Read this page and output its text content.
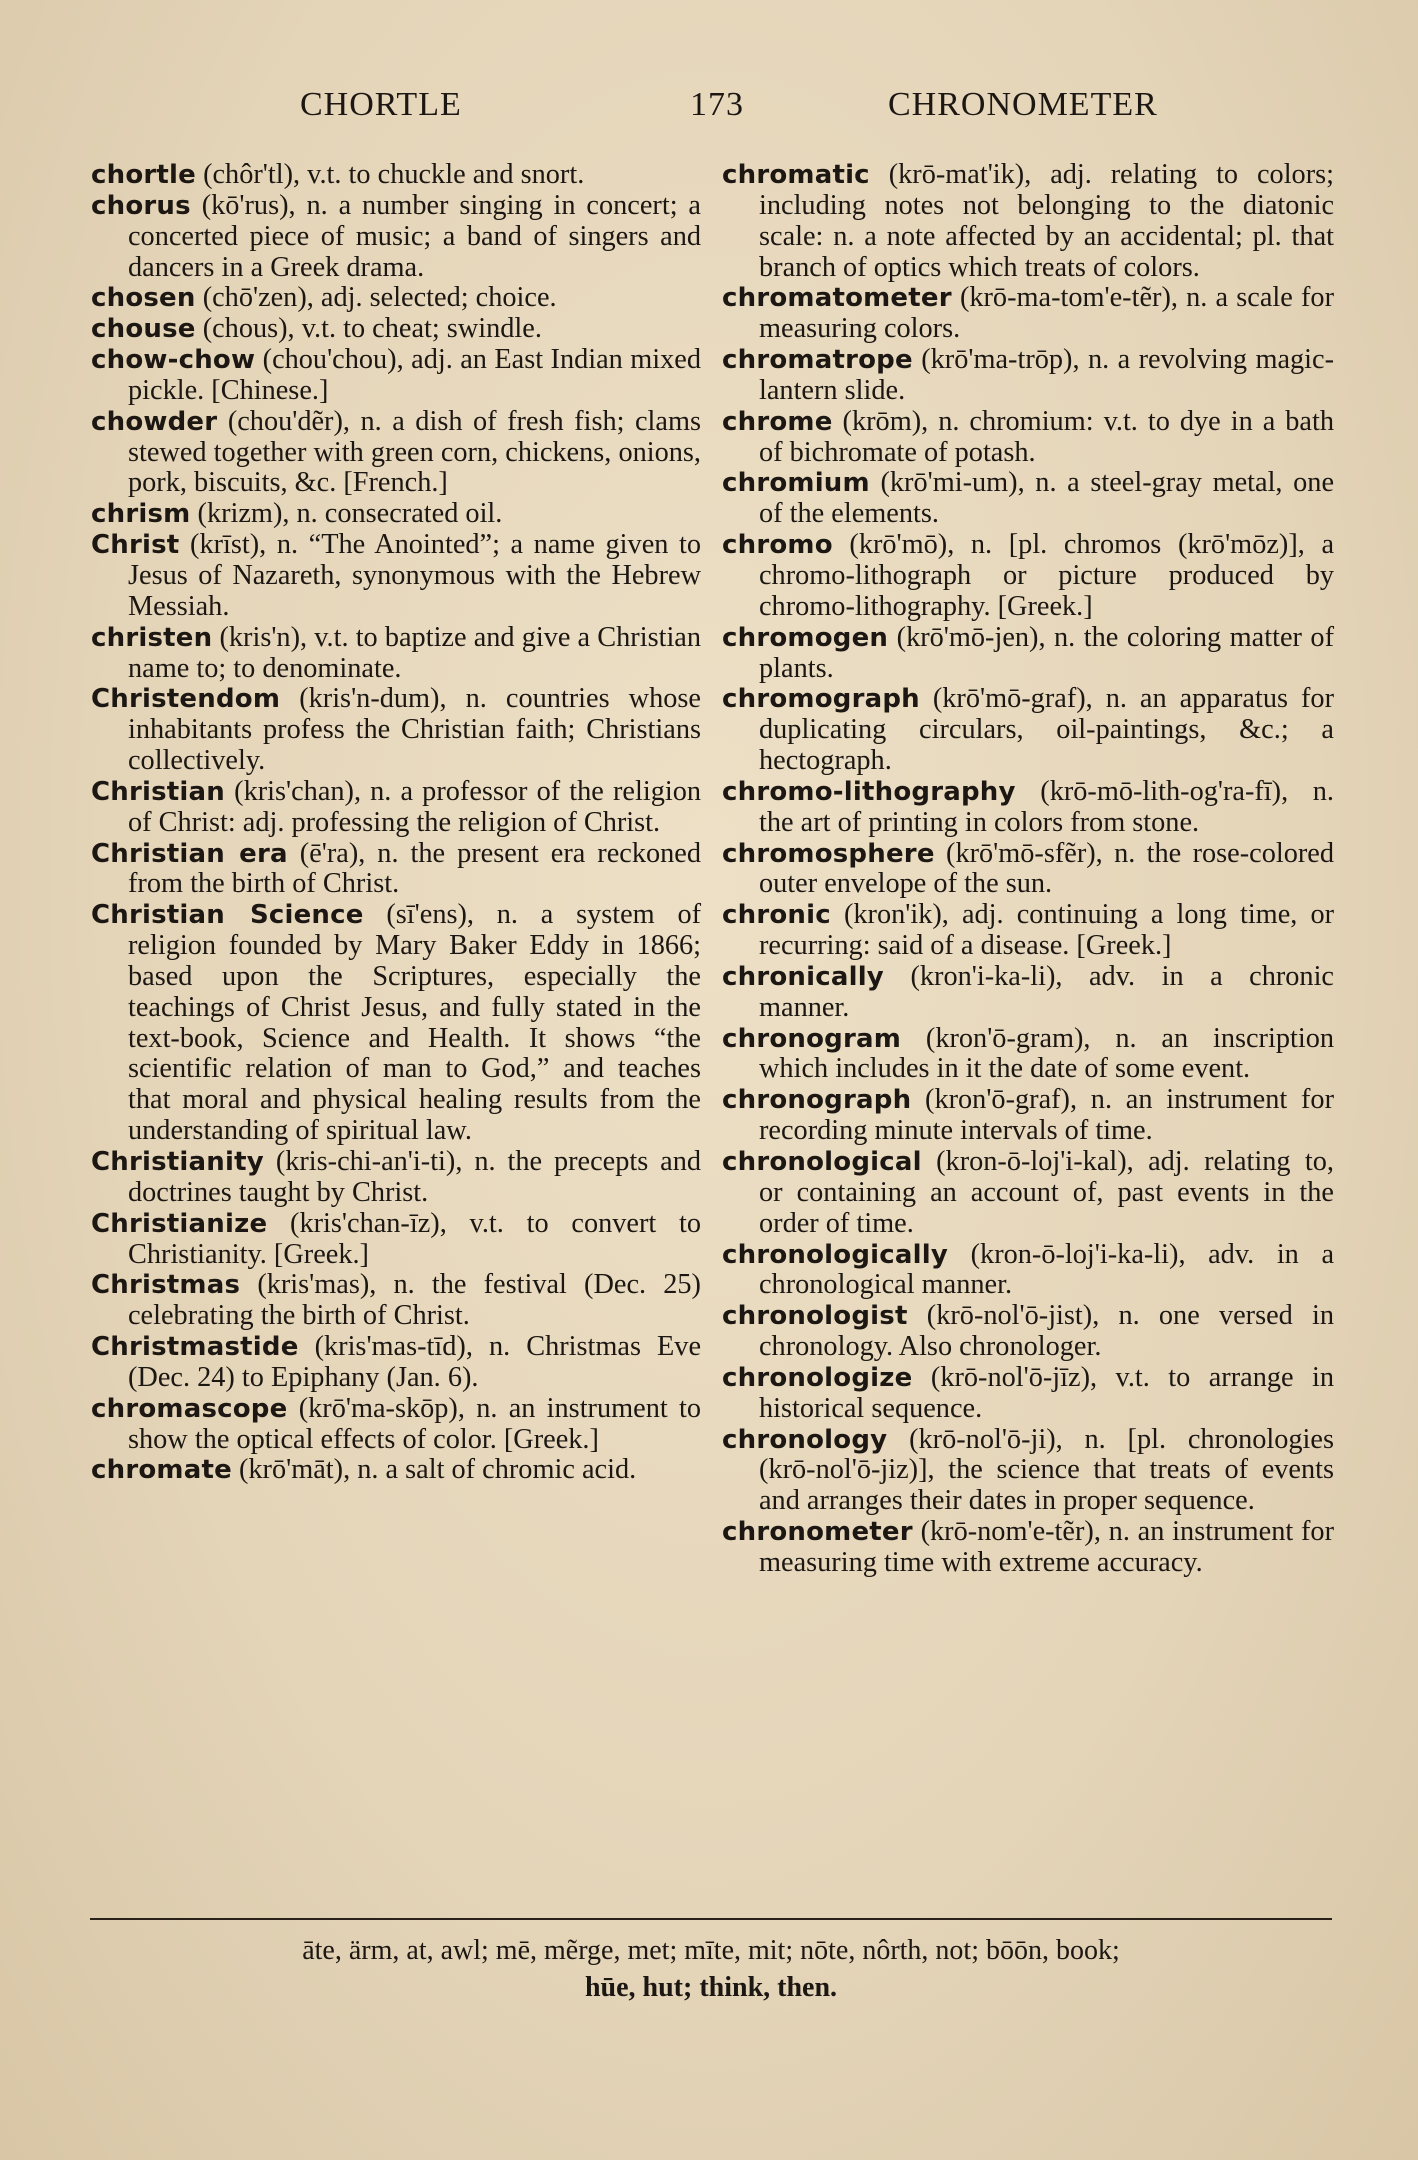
CHORTLE	173	CHRONOMETER

chortle (chôr'tl), v.t. to chuckle and snort.

chorus (kō'rus), n. a number singing in concert; a concerted piece of music; a band of singers and dancers in a Greek drama.

chosen (chō'zen), adj. selected; choice.

chouse (chous), v.t. to cheat; swindle.

chow-chow (chou'chou), adj. an East Indian mixed pickle. [Chinese.]

chowder (chou'dẽr), n. a dish of fresh fish; clams stewed together with green corn, chickens, onions, pork, biscuits, &c. [French.]

chrism (krizm), n. consecrated oil.

Christ (krīst), n. “The Anointed”; a name given to Jesus of Nazareth, synonymous with the Hebrew Messiah.

christen (kris'n), v.t. to baptize and give a Christian name to; to denominate.

Christendom (kris'n-dum), n. countries whose inhabitants profess the Christian faith; Christians collectively.

Christian (kris'chan), n. a professor of the religion of Christ: adj. professing the religion of Christ.

Christian era (ē'ra), n. the present era reckoned from the birth of Christ.

Christian Science (sī'ens), n. a system of religion founded by Mary Baker Eddy in 1866; based upon the Scriptures, especially the teachings of Christ Jesus, and fully stated in the text-book, Science and Health. It shows “the scientific relation of man to God,” and teaches that moral and physical healing results from the understanding of spiritual law.

Christianity (kris-chi-an'i-ti), n. the precepts and doctrines taught by Christ.

Christianize (kris'chan-īz), v.t. to convert to Christianity. [Greek.]

Christmas (kris'mas), n. the festival (Dec. 25) celebrating the birth of Christ.

Christmastide (kris'mas-tīd), n. Christmas Eve (Dec. 24) to Epiphany (Jan. 6).

chromascope (krō'ma-skōp), n. an instrument to show the optical effects of color. [Greek.]

chromate (krō'māt), n. a salt of chromic acid.

chromatic (krō-mat'ik), adj. relating to colors; including notes not belonging to the diatonic scale: n. a note affected by an accidental; pl. that branch of optics which treats of colors.

chromatometer (krō-ma-tom'e-tẽr), n. a scale for measuring colors.

chromatrope (krō'ma-trōp), n. a revolving magic-lantern slide.

chrome (krōm), n. chromium: v.t. to dye in a bath of bichromate of potash.

chromium (krō'mi-um), n. a steel-gray metal, one of the elements.

chromo (krō'mō), n. [pl. chromos (krō'mōz)], a chromo-lithograph or picture produced by chromo-lithography. [Greek.]

chromogen (krō'mō-jen), n. the coloring matter of plants.

chromograph (krō'mō-graf), n. an apparatus for duplicating circulars, oil-paintings, &c.; a hectograph.

chromo-lithography (krō-mō-lith-og'ra-fī), n. the art of printing in colors from stone.

chromosphere (krō'mō-sfẽr), n. the rose-colored outer envelope of the sun.

chronic (kron'ik), adj. continuing a long time, or recurring: said of a disease. [Greek.]

chronically (kron'i-ka-li), adv. in a chronic manner.

chronogram (kron'ō-gram), n. an inscription which includes in it the date of some event.

chronograph (kron'ō-graf), n. an instrument for recording minute intervals of time.

chronological (kron-ō-loj'i-kal), adj. relating to, or containing an account of, past events in the order of time.

chronologically (kron-ō-loj'i-ka-li), adv. in a chronological manner.

chronologist (krō-nol'ō-jist), n. one versed in chronology. Also chronologer.

chronologize (krō-nol'ō-jīz), v.t. to arrange in historical sequence.

chronology (krō-nol'ō-ji), n. [pl. chronologies (krō-nol'ō-jiz)], the science that treats of events and arranges their dates in proper sequence.

chronometer (krō-nom'e-tẽr), n. an instrument for measuring time with extreme accuracy.

āte, ärm, at, awl; mē, mẽrge, met; mīte, mit; nōte, nôrth, not; bōōn, book;
hūe, hut; think, then.
